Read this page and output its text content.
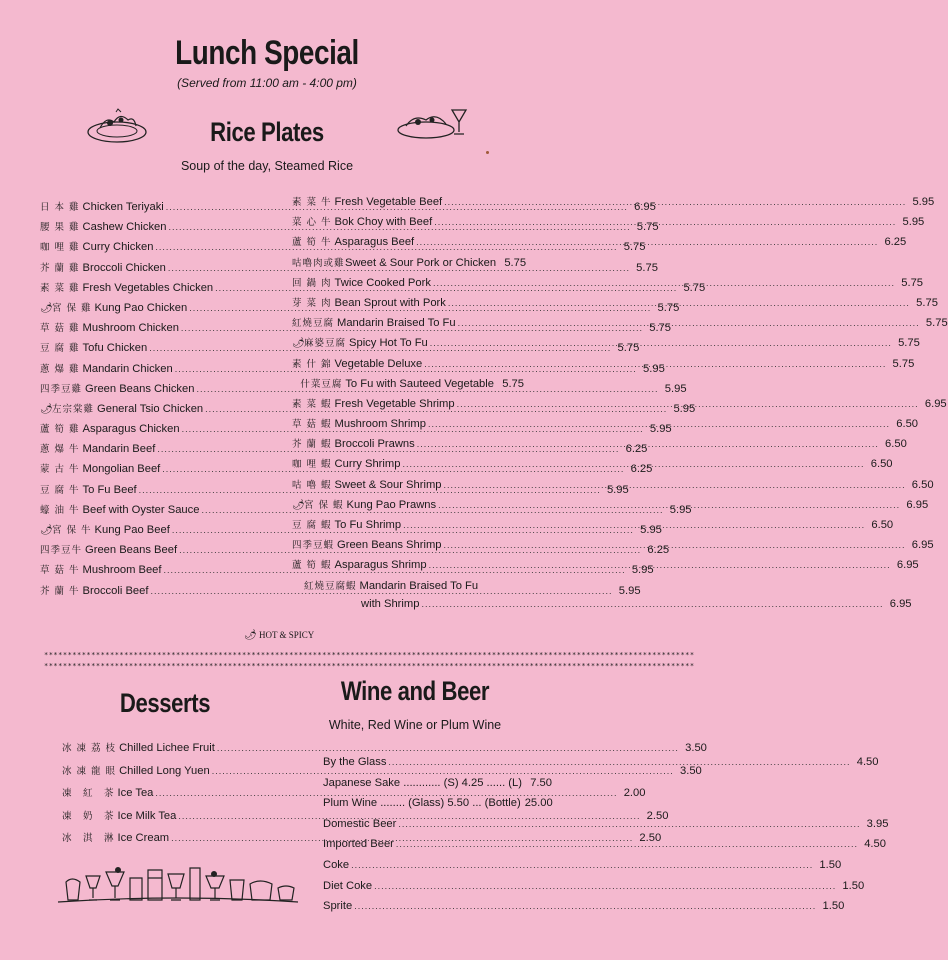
Lunch Special
(Served from 11:00 am - 4:00 pm)
Rice Plates
Soup of the day, Steamed Rice
日 本 雞 Chicken Teriyaki .....	6.95
腰 果 雞 Cashew Chicken .....	5.75
咖 哩 雞 Curry Chicken .....	5.75
芥 蘭 雞 Broccoli Chicken .....	5.75
素 菜 雞 Fresh Vegetables Chicken .....	5.75
🌶 宮 保 雞 Kung Pao Chicken .....	5.75
草 菇 雞 Mushroom Chicken .....	5.75
豆 腐 雞 Tofu Chicken .....	5.75
蔥 爆 雞 Mandarin Chicken .....	5.95
四季豆雞 Green Beans Chicken .....	5.95
🌶 左宗棠雞 General Tsio Chicken .....	5.95
蘆 筍 雞 Asparagus Chicken .....	5.95
蔥 爆 牛 Mandarin Beef .....	6.25
蒙 古 牛 Mongolian Beef .....	6.25
豆 腐 牛 To Fu Beef .....	5.95
蠔 油 牛 Beef with Oyster Sauce .....	5.95
🌶 宮 保 牛 Kung Pao Beef .....	5.95
四季豆牛 Green Beans Beef .....	6.25
草 菇 牛 Mushroom Beef .....	5.95
芥 蘭 牛 Broccoli Beef .....	5.95
素 菜 牛 Fresh Vegetable Beef .....	5.95
菜 心 牛 Bok Choy with Beef .....	5.95
蘆 筍 牛 Asparagus Beef .....	6.25
咕嚕肉或雞 Sweet & Sour Pork or Chicken 5.75
回 鍋 肉 Twice Cooked Pork .....	5.75
芽 菜 肉 Bean Sprout with Pork .....	5.75
紅燒豆腐 Mandarin Braised To Fu .....	5.75
🌶 麻婆豆腐 Spicy Hot To Fu .....	5.75
素 什 錦 Vegetable Deluxe .....	5.75
什菜豆腐 To Fu with Sauteed Vegetable 5.75
素 菜 蝦 Fresh Vegetable Shrimp .....	6.95
草 菇 蝦 Mushroom Shrimp .....	6.50
芥 蘭 蝦 Broccoli Prawns .....	6.50
咖 哩 蝦 Curry Shrimp .....	6.50
咕 嚕 蝦 Sweet & Sour Shrimp .....	6.50
🌶 宮 保 蝦 Kung Pao Prawns .....	6.95
豆 腐 蝦 To Fu Shrimp .....	6.50
四季豆蝦 Green Beans Shrimp .....	6.95
蘆 筍 蝦 Asparagus Shrimp .....	6.95
紅燒豆腐蝦 Mandarin Braised To Fu
with Shrimp .....	6.95
🌶 HOT & SPICY
******************************************************************************************************************************************
******************************************************************************************************************************************
Desserts
冰 凍 荔 枝 Chilled Lichee Fruit .....	3.50
冰 凍 龍 眼 Chilled Long Yuen .....	3.50
凍　紅　茶 Ice Tea .....	2.00
凍　奶　茶 Ice Milk Tea .....	2.50
冰　淇　淋 Ice Cream .....	2.50
Wine and Beer
White, Red Wine or Plum Wine
By the Glass .....	4.50
Japanese Sake ............ (S) 4.25 ...... (L) 7.50
Plum Wine ........ (Glass) 5.50 ... (Bottle) 25.00
Domestic Beer .....	3.95
Imported Beer .....	4.50
Coke .....	1.50
Diet Coke .....	1.50
Sprite .....	1.50
